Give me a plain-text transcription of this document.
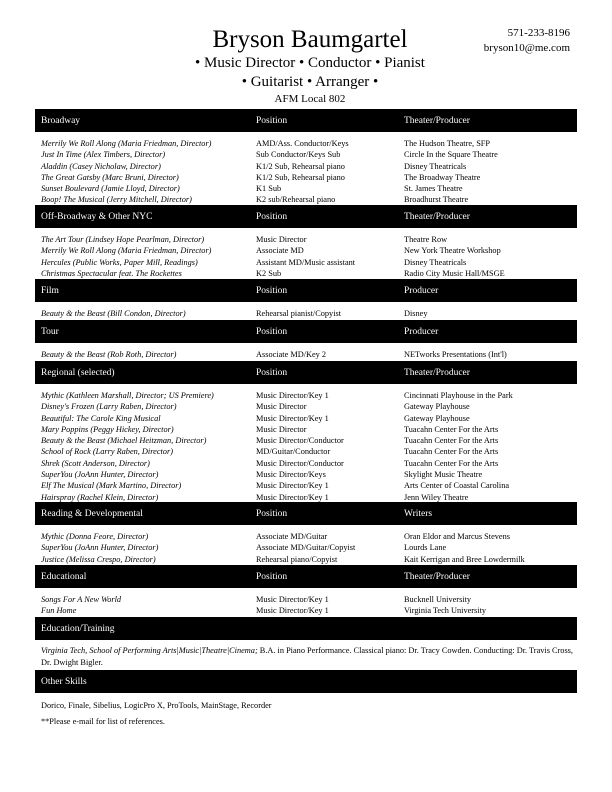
Bryson Baumgartel
• Music Director • Conductor • Pianist
• Guitarist • Arranger •
AFM Local 802
571-233-8196
bryson10@me.com
Broadway	Position	Theater/Producer
Merrily We Roll Along (Maria Friedman, Director)	AMD/Ass. Conductor/Keys	The Hudson Theatre, SFP
Just In Time (Alex Timbers, Director)	Sub Conductor/Keys Sub	Circle In the Square Theatre
Aladdin (Casey Nicholaw, Director)	K1/2 Sub, Rehearsal piano	Disney Theatricals
The Great Gatsby (Marc Bruni, Director)	K1/2 Sub, Rehearsal piano	The Broadway Theatre
Sunset Boulevard (Jamie Lloyd, Director)	K1 Sub	St. James Theatre
Boop! The Musical (Jerry Mitchell, Director)	K2 sub/Rehearsal piano	Broadhurst Theatre
Off-Broadway & Other NYC	Position	Theater/Producer
The Art Tour (Lindsey Hope Pearlman, Director)	Music Director	Theatre Row
Merrily We Roll Along (Maria Friedman, Director)	Associate MD	New York Theatre Workshop
Hercules (Public Works, Paper Mill, Readings)	Assistant MD/Music assistant	Disney Theatricals
Christmas Spectacular feat. The Rockettes	K2 Sub	Radio City Music Hall/MSGE
Film	Position	Producer
Beauty & the Beast (Bill Condon, Director)	Rehearsal pianist/Copyist	Disney
Tour	Position	Producer
Beauty & the Beast (Rob Roth, Director)	Associate MD/Key 2	NETworks Presentations (Int'l)
Regional (selected)	Position	Theater/Producer
Mythic (Kathleen Marshall, Director; US Premiere)	Music Director/Key 1	Cincinnati Playhouse in the Park
Disney's Frozen (Larry Raben, Director)	Music Director	Gateway Playhouse
Beautiful: The Carole King Musical	Music Director/Key 1	Gateway Playhouse
Mary Poppins (Peggy Hickey, Director)	Music Director	Tuacahn Center For the Arts
Beauty & the Beast (Michael Heitzman, Director)	Music Director/Conductor	Tuacahn Center For the Arts
School of Rock (Larry Raben, Director)	MD/Guitar/Conductor	Tuacahn Center For the Arts
Shrek (Scott Anderson, Director)	Music Director/Conductor	Tuacahn Center For the Arts
SuperYou (JoAnn Hunter, Director)	Music Director/Keys	Skylight Music Theatre
Elf The Musical (Mark Martino, Director)	Music Director/Key 1	Arts Center of Coastal Carolina
Hairspray (Rachel Klein, Director)	Music Director/Key 1	Jenn Wiley Theatre
Reading & Developmental	Position	Writers
Mythic (Donna Feore, Director)	Associate MD/Guitar	Oran Eldor and Marcus Stevens
SuperYou (JoAnn Hunter, Director)	Associate MD/Guitar/Copyist	Lourds Lane
Justice (Melissa Crespo, Director)	Rehearsal piano/Copyist	Kait Kerrigan and Bree Lowdermilk
Educational	Position	Theater/Producer
Songs For A New World	Music Director/Key 1	Bucknell University
Fun Home	Music Director/Key 1	Virginia Tech University
Education/Training
Virginia Tech, School of Performing Arts|Music|Theatre|Cinema; B.A. in Piano Performance. Classical piano: Dr. Tracy Cowden. Conducting: Dr. Travis Cross, Dr. Dwight Bigler.
Other Skills
Dorico, Finale, Sibelius, LogicPro X, ProTools, MainStage, Recorder
**Please e-mail for list of references.
